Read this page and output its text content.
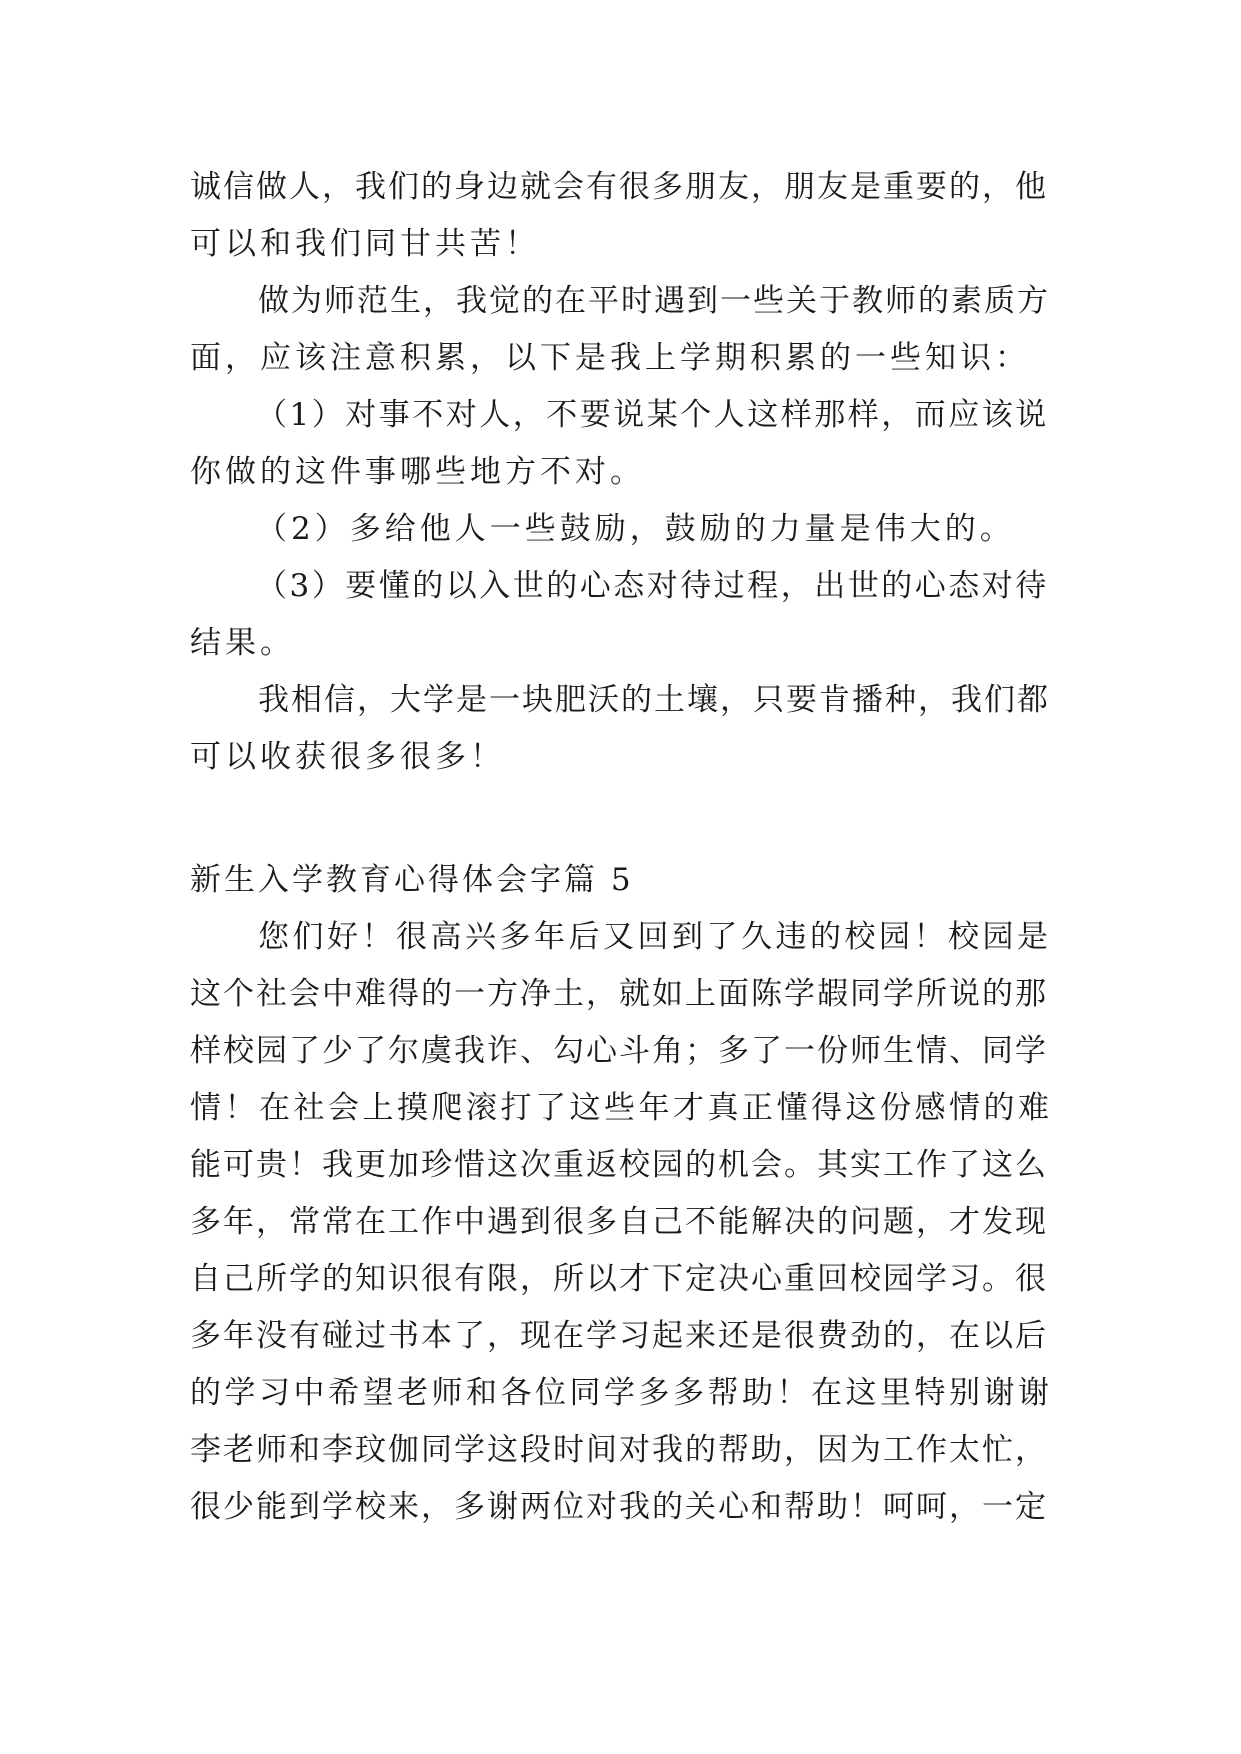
诚信做人，我们的身边就会有很多朋友，朋友是重要的，他
可以和我们同甘共苦！
做为师范生，我觉的在平时遇到一些关于教师的素质方
面，应该注意积累，以下是我上学期积累的一些知识：
（1）对事不对人，不要说某个人这样那样，而应该说
你做的这件事哪些地方不对。
（2）多给他人一些鼓励，鼓励的力量是伟大的。
（3）要懂的以入世的心态对待过程，出世的心态对待
结果。
我相信，大学是一块肥沃的土壤，只要肯播种，我们都
可以收获很多很多！
新生入学教育心得体会字篇 5
您们好！很高兴多年后又回到了久违的校园！校园是
这个社会中难得的一方净土，就如上面陈学嘏同学所说的那
样校园了少了尔虞我诈、勾心斗角；多了一份师生情、同学
情！在社会上摸爬滚打了这些年才真正懂得这份感情的难
能可贵！我更加珍惜这次重返校园的机会。其实工作了这么
多年，常常在工作中遇到很多自己不能解决的问题，才发现
自己所学的知识很有限，所以才下定决心重回校园学习。很
多年没有碰过书本了，现在学习起来还是很费劲的，在以后
的学习中希望老师和各位同学多多帮助！在这里特别谢谢
李老师和李玟伽同学这段时间对我的帮助，因为工作太忙，
很少能到学校来，多谢两位对我的关心和帮助！呵呵，一定
